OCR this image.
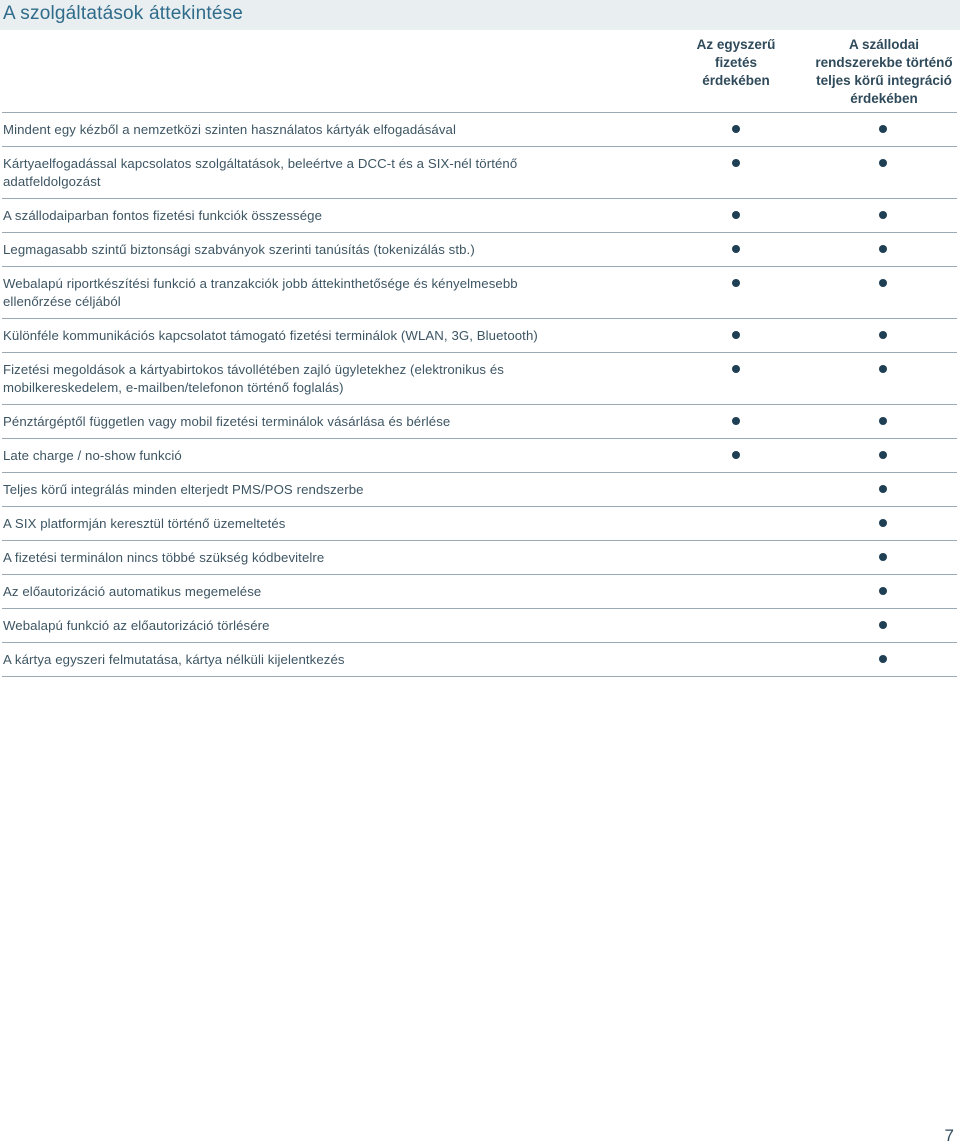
A szolgáltatások áttekintése
Az egyszerű fizetés érdekében
A szállodai rendszerekbe történő teljes körű integráció érdekében
Mindent egy kézből a nemzetközi szinten használatos kártyák elfogadásával
Kártyaelfogadással kapcsolatos szolgáltatások, beleértve a DCC-t és a SIX-nél történő adatfeldolgozást
A szállodaiparban fontos fizetési funkciók összessége
Legmagasabb szintű biztonsági szabványok szerinti tanúsítás (tokenizálás stb.)
Webalapú riportkészítési funkció a tranzakciók jobb áttekinthetősége és kényelmesebb ellenőrzése céljából
Különféle kommunikációs kapcsolatot támogató fizetési terminálok (WLAN, 3G, Bluetooth)
Fizetési megoldások a kártyabirtokos távollétében zajló ügyletekhez (elektronikus és mobilkereskedelem, e-mailben/telefonon történő foglalás)
Pénztárgéptől független vagy mobil fizetési terminálok vásárlása és bérlése
Late charge / no-show funkció
Teljes körű integrálás minden elterjedt PMS/POS rendszerbe
A SIX platformján keresztül történő üzemeltetés
A fizetési terminálon nincs többé szükség kódbevitelre
Az előautorizáció automatikus megemelése
Webalapú funkció az előautorizáció törlésére
A kártya egyszeri felmutatása, kártya nélküli kijelentkezés
7
